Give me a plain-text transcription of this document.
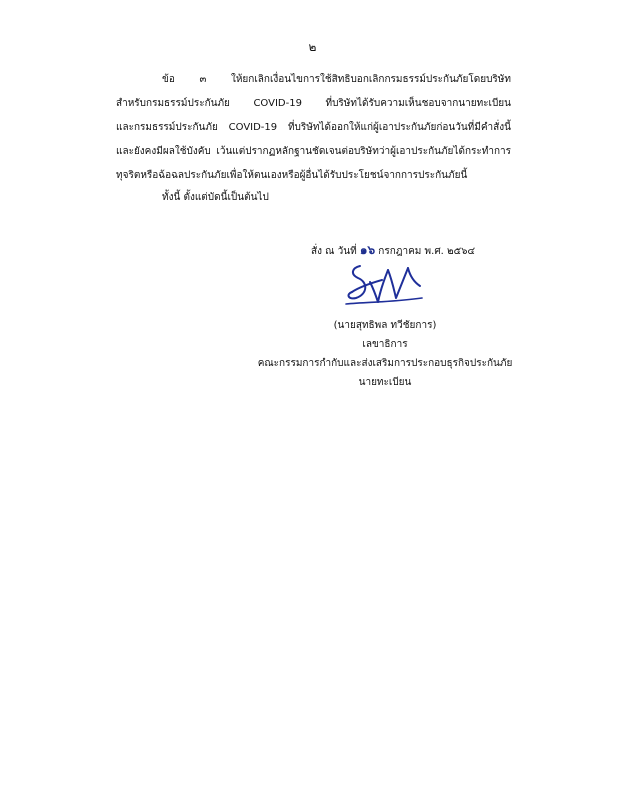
๒
ข้อ ๓ ให้ยกเลิกเงื่อนไขการใช้สิทธิบอกเลิกกรมธรรม์ประกันภัยโดยบริษัท
สำหรับกรมธรรม์ประกันภัย COVID-19 ที่บริษัทได้รับความเห็นชอบจากนายทะเบียน
และกรมธรรม์ประกันภัย COVID-19 ที่บริษัทได้ออกให้แก่ผู้เอาประกันภัยก่อนวันที่มีคำสั่งนี้
และยังคงมีผลใช้บังคับ เว้นแต่ปรากฏหลักฐานชัดเจนต่อบริษัทว่าผู้เอาประกันภัยได้กระทำการ
ทุจริตหรือฉ้อฉลประกันภัยเพื่อให้ตนเองหรือผู้อื่นได้รับประโยชน์จากการประกันภัยนี้
ทั้งนี้ ตั้งแต่บัดนี้เป็นต้นไป
สั่ง ณ วันที่ ๑๖ กรกฎาคม พ.ศ. ๒๕๖๔
(นายสุทธิพล ทวีชัยการ)
เลขาธิการ
คณะกรรมการกำกับและส่งเสริมการประกอบธุรกิจประกันภัย
นายทะเบียน
